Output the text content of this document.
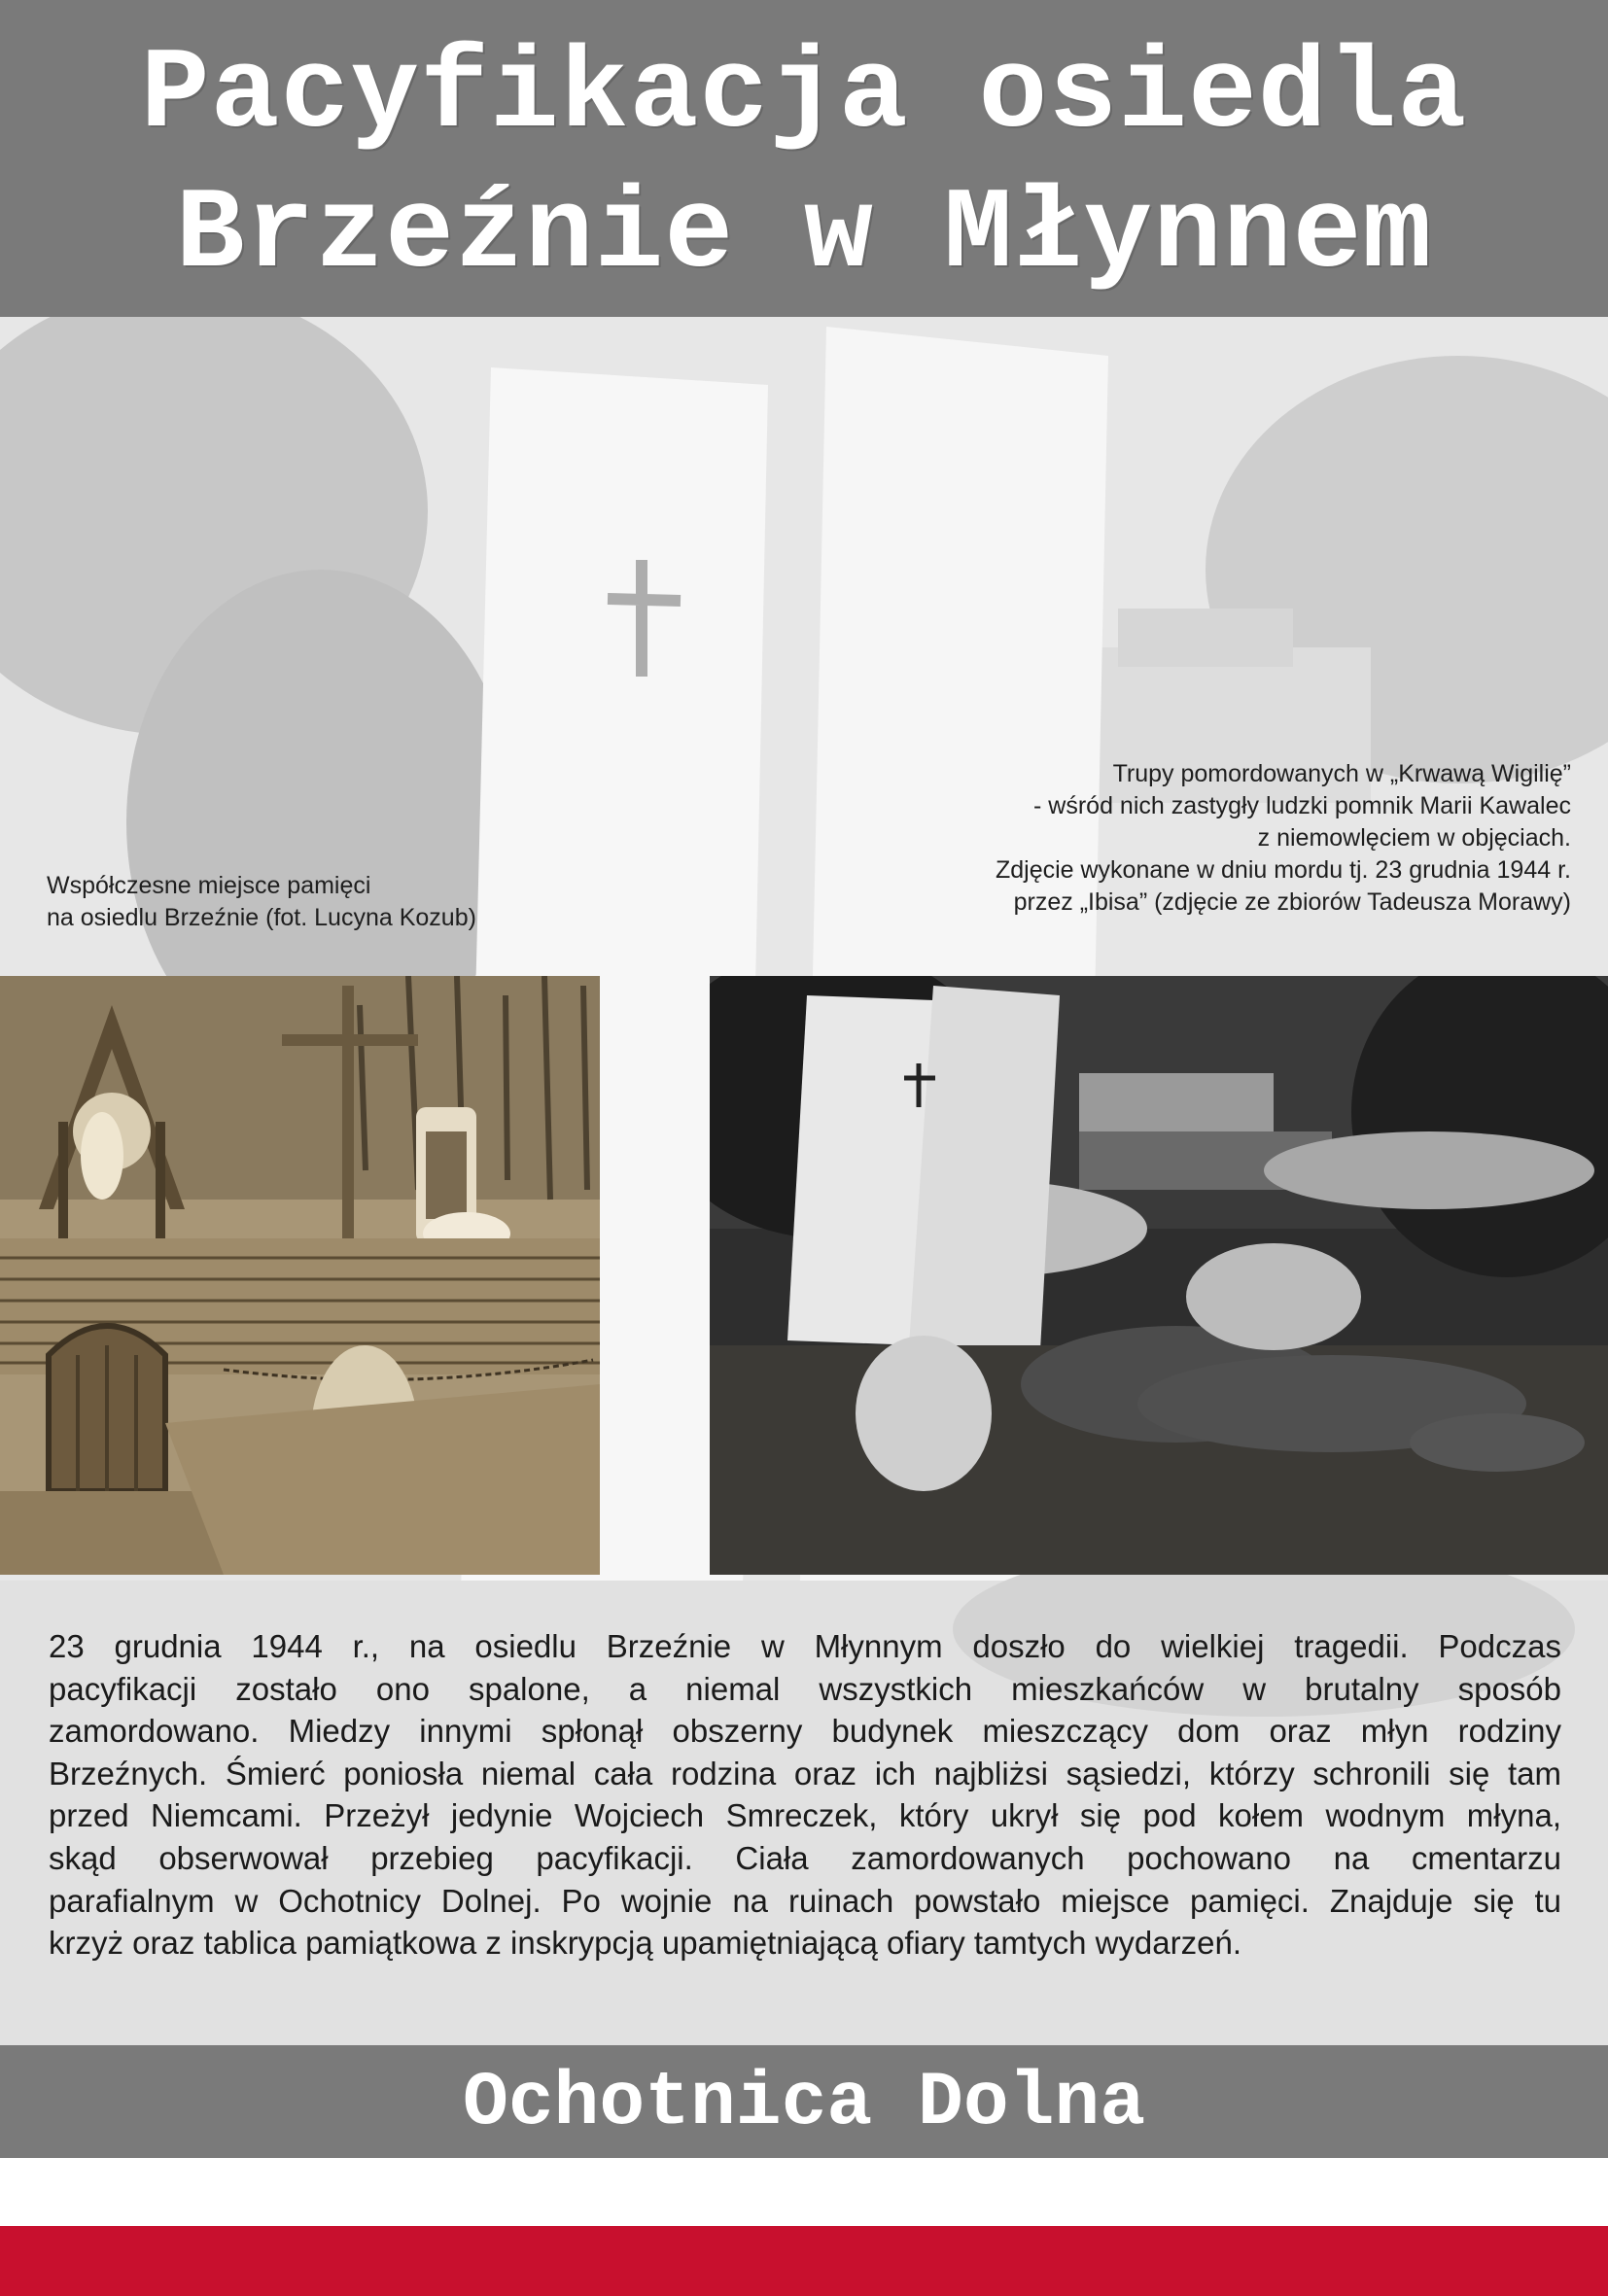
Pacyfikacja osiedla
Brzeźnie w Młynnem
Współczesne miejsce pamięci
na osiedlu Brzeźnie (fot. Lucyna Kozub)
Trupy pomordowanych w „Krwawą Wigilię”
- wśród nich zastygły ludzki pomnik Marii Kawalec
z niemowlęciem w objęciach.
Zdjęcie wykonane w dniu mordu tj. 23 grudnia 1944 r.
przez „Ibisa” (zdjęcie ze zbiorów Tadeusza Morawy)
23 grudnia 1944 r., na osiedlu Brzeźnie w Młynnym doszło do wielkiej tragedii. Podczas
pacyfikacji zostało ono spalone, a niemal wszystkich mieszkańców w brutalny sposób
zamordowano. Miedzy innymi spłonął obszerny budynek mieszczący dom oraz młyn rodziny
Brzeźnych. Śmierć poniosła niemal cała rodzina oraz ich najbliżsi sąsiedzi, którzy schronili się tam
przed Niemcami. Przeżył jedynie Wojciech Smreczek, który ukrył się pod kołem wodnym młyna,
skąd obserwował przebieg pacyfikacji. Ciała zamordowanych pochowano na cmentarzu
parafialnym w Ochotnicy Dolnej. Po wojnie na ruinach powstało miejsce pamięci. Znajduje się tu
krzyż oraz tablica pamiątkowa z inskrypcją upamiętniającą ofiary tamtych wydarzeń.
Ochotnica Dolna
